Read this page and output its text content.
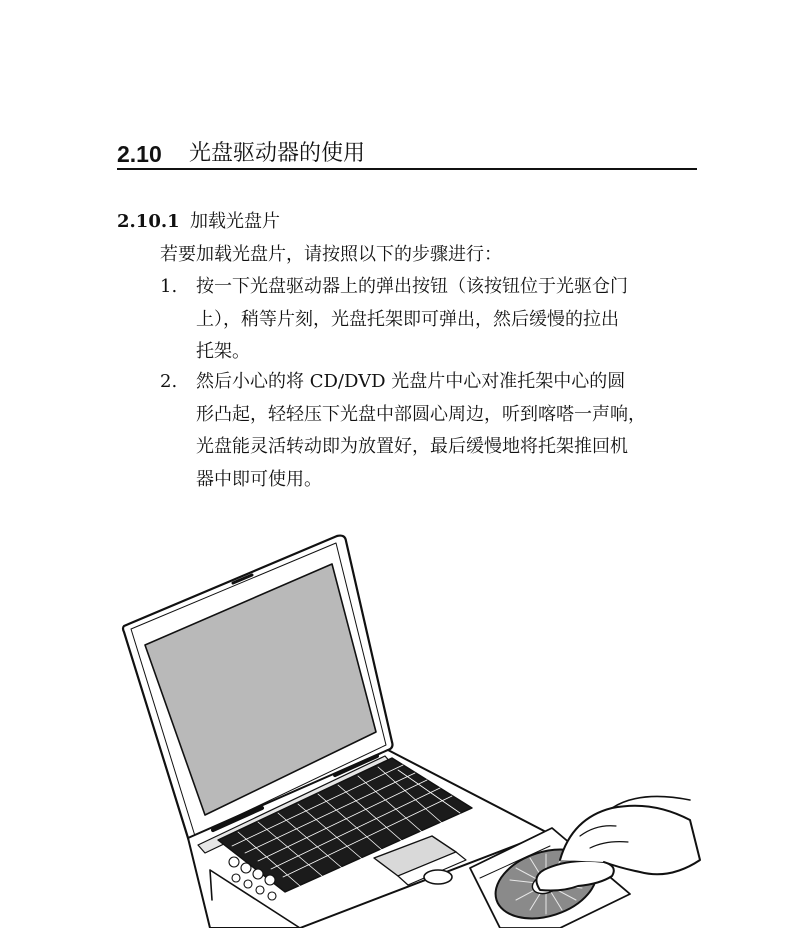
2.10 光盘驱动器的使用
2.10.1 加载光盘片
若要加载光盘片，请按照以下的步骤进行：
1.	按一下光盘驱动器上的弹出按钮（该按钮位于光驱仓门
上），稍等片刻，光盘托架即可弹出，然后缓慢的拉出
托架。
2.	然后小心的将 CD/DVD 光盘片中心对准托架中心的圆
形凸起，轻轻压下光盘中部圆心周边，听到喀嗒一声响，
光盘能灵活转动即为放置好，最后缓慢地将托架推回机
器中即可使用。
